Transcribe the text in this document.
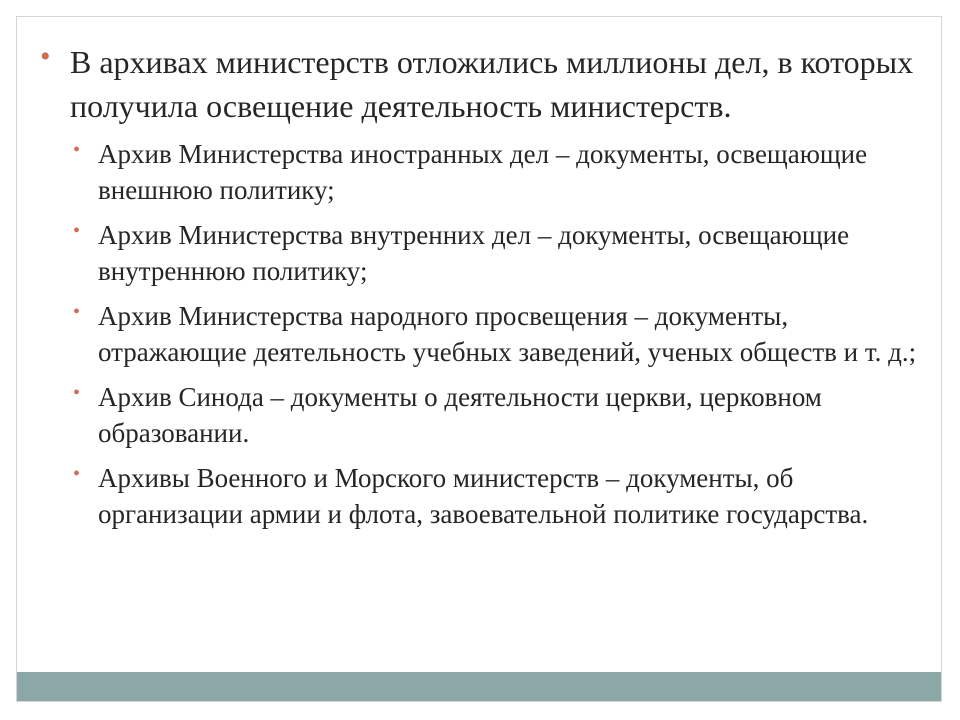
• В архивах министерств отложились миллионы дел, в которых получила освещение деятельность министерств.
• Архив Министерства иностранных дел – документы, освещающие внешнюю политику;
• Архив Министерства внутренних дел – документы, освещающие внутреннюю политику;
• Архив Министерства народного просвещения – документы, отражающие деятельность учебных заведений, ученых обществ и т. д.;
• Архив Синода – документы о деятельности церкви, церковном образовании.
• Архивы Военного и Морского министерств – документы, об организации армии и флота, завоевательной политике государства.
